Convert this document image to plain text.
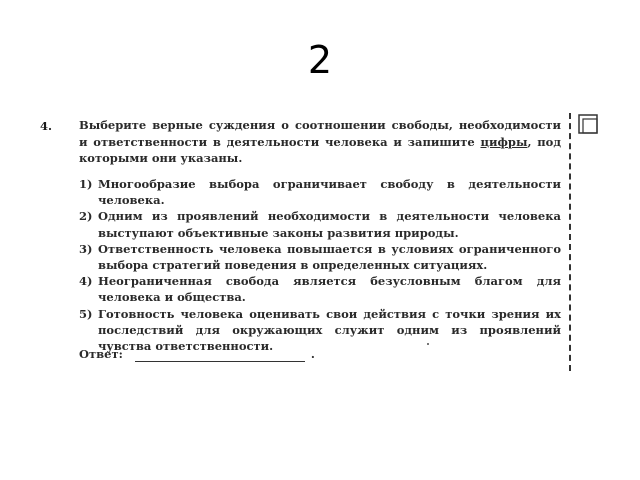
2
4. Выберите верные суждения о соотношении свободы, необходимости и ответственности в деятельности человека и запишите цифры, под которыми они указаны.
1) Многообразие выбора ограничивает свободу в деятельности человека.
2) Одним из проявлений необходимости в деятельности человека выступают объективные законы развития природы.
3) Ответственность человека повышается в условиях ограниченного выбора стратегий поведения в определенных ситуациях.
4) Неограниченная свобода является безусловным благом для человека и общества.
5) Готовность человека оценивать свои действия с точки зрения их последствий для окружающих служит одним из проявлений чувства ответственности.
Ответ:	.
